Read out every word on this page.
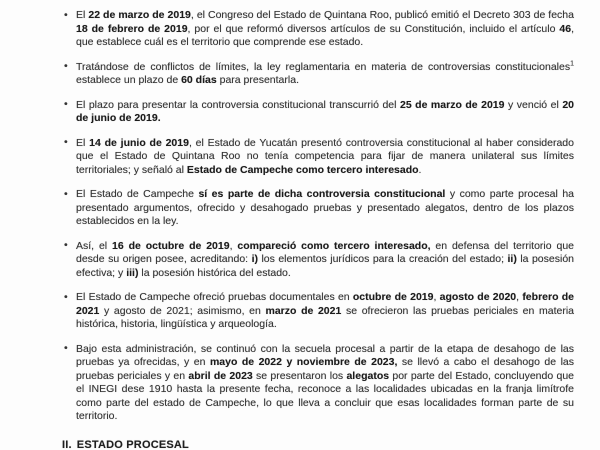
• El 22 de marzo de 2019, el Congreso del Estado de Quintana Roo, publicó emitió el Decreto 303 de fecha 18 de febrero de 2019, por el que reformó diversos artículos de su Constitución, incluido el artículo 46, que establece cuál es el territorio que comprende ese estado.
• Tratándose de conflictos de límites, la ley reglamentaria en materia de controversias constitucionales$^1$ establece un plazo de 60 días para presentarla.
• El plazo para presentar la controversia constitucional transcurrió del 25 de marzo de 2019 y venció el 20 de junio de 2019.
• El 14 de junio de 2019, el Estado de Yucatán presentó controversia constitucional al haber considerado que el Estado de Quintana Roo no tenía competencia para fijar de manera unilateral sus límites territoriales; y señaló al Estado de Campeche como tercero interesado.
• El Estado de Campeche sí es parte de dicha controversia constitucional y como parte procesal ha presentado argumentos, ofrecido y desahogado pruebas y presentado alegatos, dentro de los plazos establecidos en la ley.
• Así, el 16 de octubre de 2019, compareció como tercero interesado, en defensa del territorio que desde su origen posee, acreditando: i) los elementos jurídicos para la creación del estado; ii) la posesión efectiva; y iii) la posesión histórica del estado.
• El Estado de Campeche ofreció pruebas documentales en octubre de 2019, agosto de 2020, febrero de 2021 y agosto de 2021; asimismo, en marzo de 2021 se ofrecieron las pruebas periciales en materia histórica, historia, lingüística y arqueología.
• Bajo esta administración, se continuó con la secuela procesal a partir de la etapa de desahogo de las pruebas ya ofrecidas, y en mayo de 2022 y noviembre de 2023, se llevó a cabo el desahogo de las pruebas periciales y en abril de 2023 se presentaron los alegatos por parte del Estado, concluyendo que el INEGI dese 1910 hasta la presente fecha, reconoce a las localidades ubicadas en la franja limítrofe como parte del estado de Campeche, lo que lleva a concluir que esas localidades forman parte de su territorio.
II. ESTADO PROCESAL
